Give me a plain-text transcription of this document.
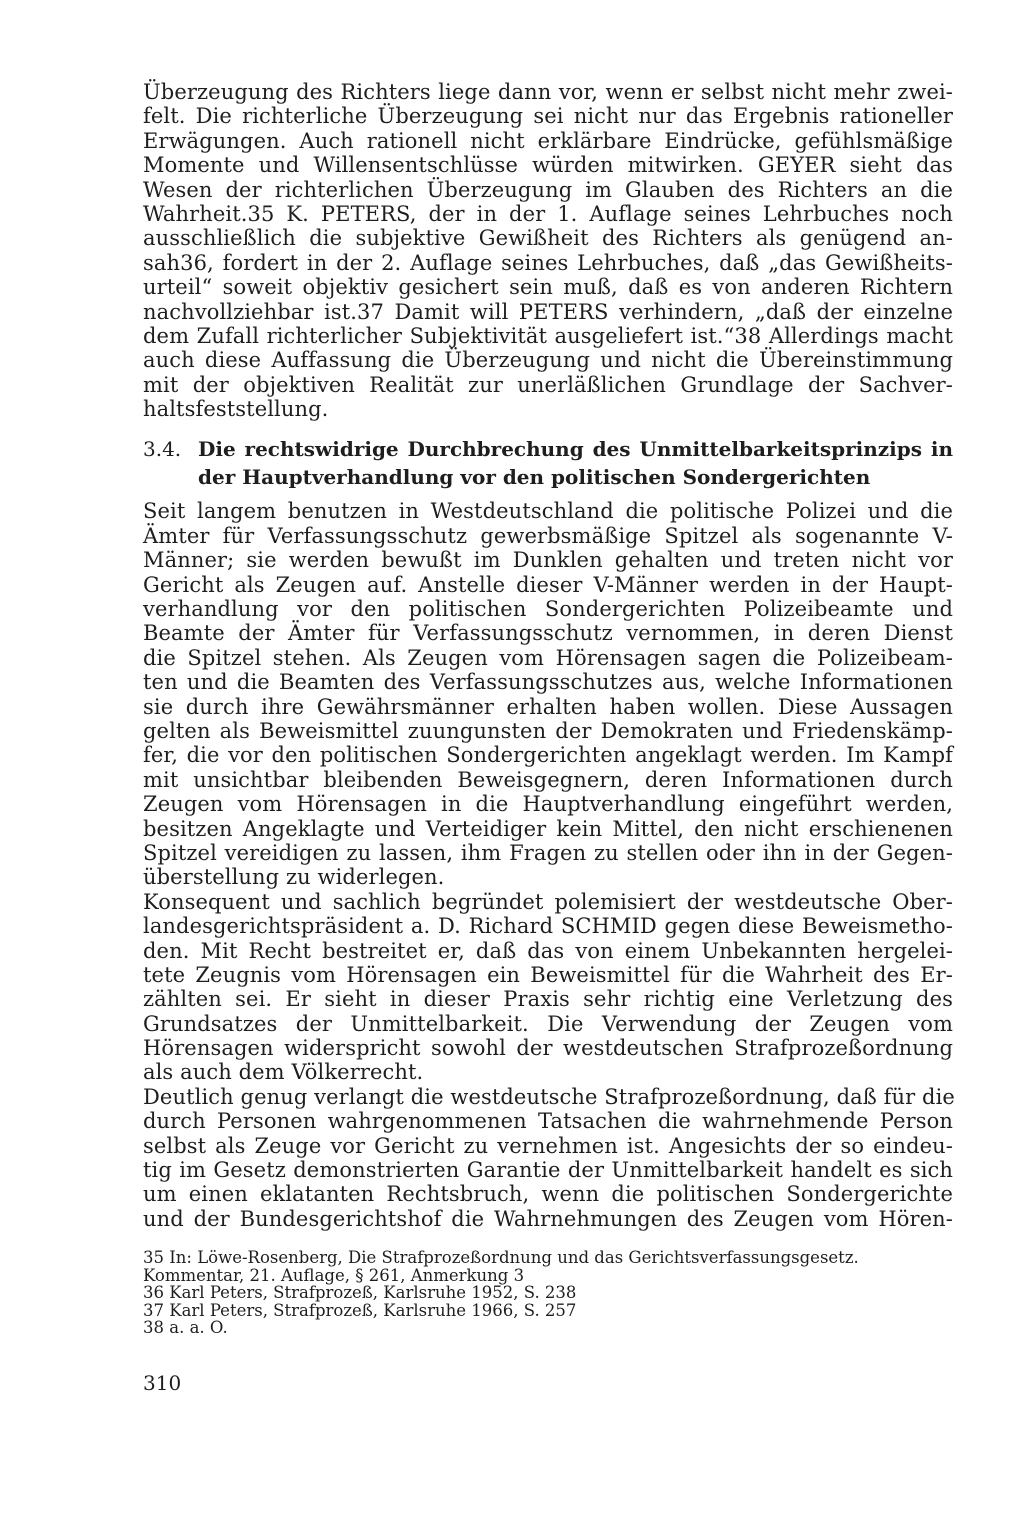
Überzeugung des Richters liege dann vor, wenn er selbst nicht mehr zwei-
felt. Die richterliche Überzeugung sei nicht nur das Ergebnis rationeller
Erwägungen. Auch rationell nicht erklärbare Eindrücke, gefühlsmäßige
Momente und Willensentschlüsse würden mitwirken. GEYER sieht das
Wesen der richterlichen Überzeugung im Glauben des Richters an die
Wahrheit.35 K. PETERS, der in der 1. Auflage seines Lehrbuches noch
ausschließlich die subjektive Gewißheit des Richters als genügend an-
sah36, fordert in der 2. Auflage seines Lehrbuches, daß „das Gewißheits-
urteil“ soweit objektiv gesichert sein muß, daß es von anderen Richtern
nachvollziehbar ist.37 Damit will PETERS verhindern, „daß der einzelne
dem Zufall richterlicher Subjektivität ausgeliefert ist.“38 Allerdings macht
auch diese Auffassung die Überzeugung und nicht die Übereinstimmung
mit der objektiven Realität zur unerläßlichen Grundlage der Sachver-
haltsfeststellung.
3.4. Die rechtswidrige Durchbrechung des Unmittelbarkeitsprinzips in
der Hauptverhandlung vor den politischen Sondergerichten
Seit langem benutzen in Westdeutschland die politische Polizei und die
Ämter für Verfassungsschutz gewerbsmäßige Spitzel als sogenannte V-
Männer; sie werden bewußt im Dunklen gehalten und treten nicht vor
Gericht als Zeugen auf. Anstelle dieser V-Männer werden in der Haupt-
verhandlung vor den politischen Sondergerichten Polizeibeamte und
Beamte der Ämter für Verfassungsschutz vernommen, in deren Dienst
die Spitzel stehen. Als Zeugen vom Hörensagen sagen die Polizeibeam-
ten und die Beamten des Verfassungsschutzes aus, welche Informationen
sie durch ihre Gewährsmänner erhalten haben wollen. Diese Aussagen
gelten als Beweismittel zuungunsten der Demokraten und Friedenskämp-
fer, die vor den politischen Sondergerichten angeklagt werden. Im Kampf
mit unsichtbar bleibenden Beweisgegnern, deren Informationen durch
Zeugen vom Hörensagen in die Hauptverhandlung eingeführt werden,
besitzen Angeklagte und Verteidiger kein Mittel, den nicht erschienenen
Spitzel vereidigen zu lassen, ihm Fragen zu stellen oder ihn in der Gegen-
überstellung zu widerlegen.
Konsequent und sachlich begründet polemisiert der westdeutsche Ober-
landesgerichtspräsident a. D. Richard SCHMID gegen diese Beweismetho-
den. Mit Recht bestreitet er, daß das von einem Unbekannten hergelei-
tete Zeugnis vom Hörensagen ein Beweismittel für die Wahrheit des Er-
zählten sei. Er sieht in dieser Praxis sehr richtig eine Verletzung des
Grundsatzes der Unmittelbarkeit. Die Verwendung der Zeugen vom
Hörensagen widerspricht sowohl der westdeutschen Strafprozeßordnung
als auch dem Völkerrecht.
Deutlich genug verlangt die westdeutsche Strafprozeßordnung, daß für die
durch Personen wahrgenommenen Tatsachen die wahrnehmende Person
selbst als Zeuge vor Gericht zu vernehmen ist. Angesichts der so eindeu-
tig im Gesetz demonstrierten Garantie der Unmittelbarkeit handelt es sich
um einen eklatanten Rechtsbruch, wenn die politischen Sondergerichte
und der Bundesgerichtshof die Wahrnehmungen des Zeugen vom Hören-
35 In: Löwe-Rosenberg, Die Strafprozeßordnung und das Gerichtsverfassungsgesetz.
Kommentar, 21. Auflage, § 261, Anmerkung 3
36 Karl Peters, Strafprozeß, Karlsruhe 1952, S. 238
37 Karl Peters, Strafprozeß, Karlsruhe 1966, S. 257
38 a. a. O.
310
